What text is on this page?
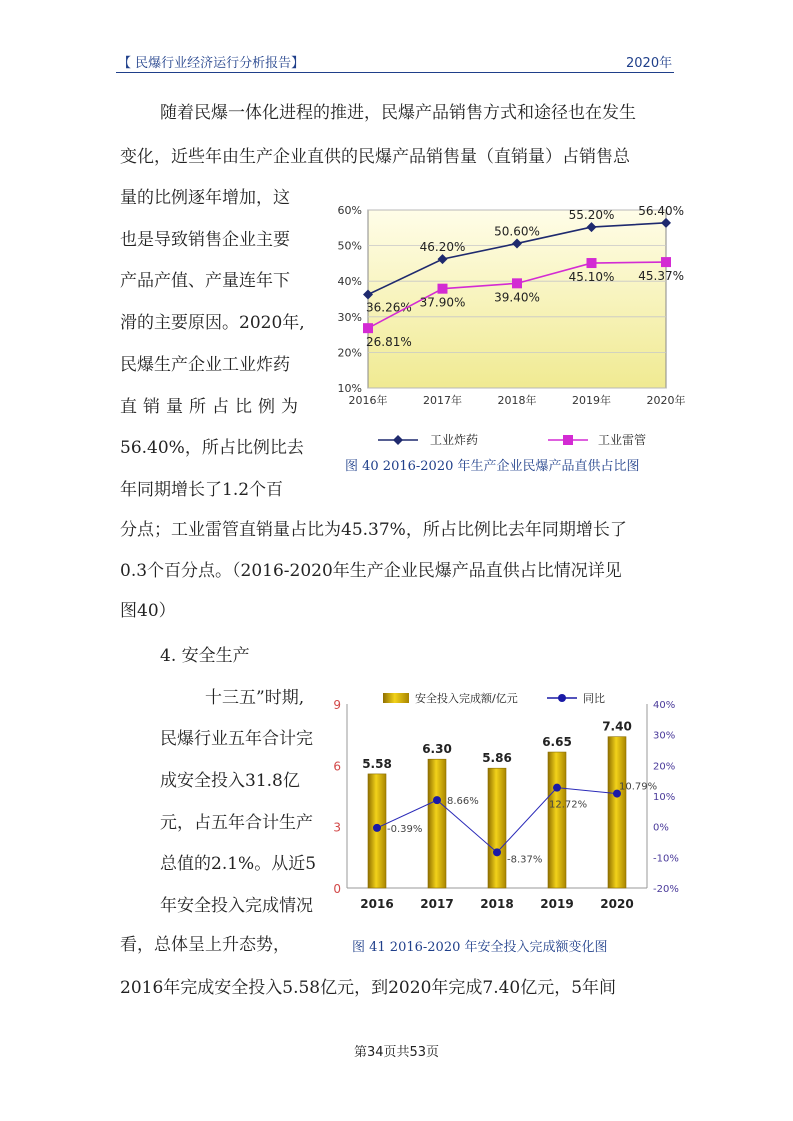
【 民爆行业经济运行分析报告】	2020年
随着民爆一体化进程的推进，民爆产品销售方式和途径也在发生
变化，近些年由生产企业直供的民爆产品销售量（直销量）占销售总
量的比例逐年增加，这
也是导致销售企业主要
产品产值、产量连年下
滑的主要原因。2020年,
民爆生产企业工业炸药
直销量所占比例为
56.40%，所占比例比去
年同期增长了1.2个百
分点；工业雷管直销量占比为45.37%，所占比例比去年同期增长了
0.3个百分点。（2016-2020年生产企业民爆产品直供占比情况详见
图40）
10%
20%
30%
40%
50%
60%
2016年	2017年	2018年	2019年	2020年
36.26%
46.20%
50.60%
55.20% 56.40%
26.81%
37.90% 39.40%
45.10% 45.37%
工业炸药	工业雷管
图 40 2016-2020 年生产企业民爆产品直供占比图
4. 安全生产
十三五”时期,
民爆行业五年合计完
成安全投入31.8亿
元，占五年合计生产
总值的2.1%。从近5
年安全投入完成情况
看，总体呈上升态势，
0
3
6
9
-20%
-10%
0%
10%
20%
30%
40%
5.58
2016
6.30
2017
5.86
2018
6.65
2019
7.40
2020
-0.39%
8.66%
-8.37%
12.72%
10.79%
安全投入完成额/亿元	同比
图 41 2016-2020 年安全投入完成额变化图
2016年完成安全投入5.58亿元，到2020年完成7.40亿元，5年间
第34页共53页
